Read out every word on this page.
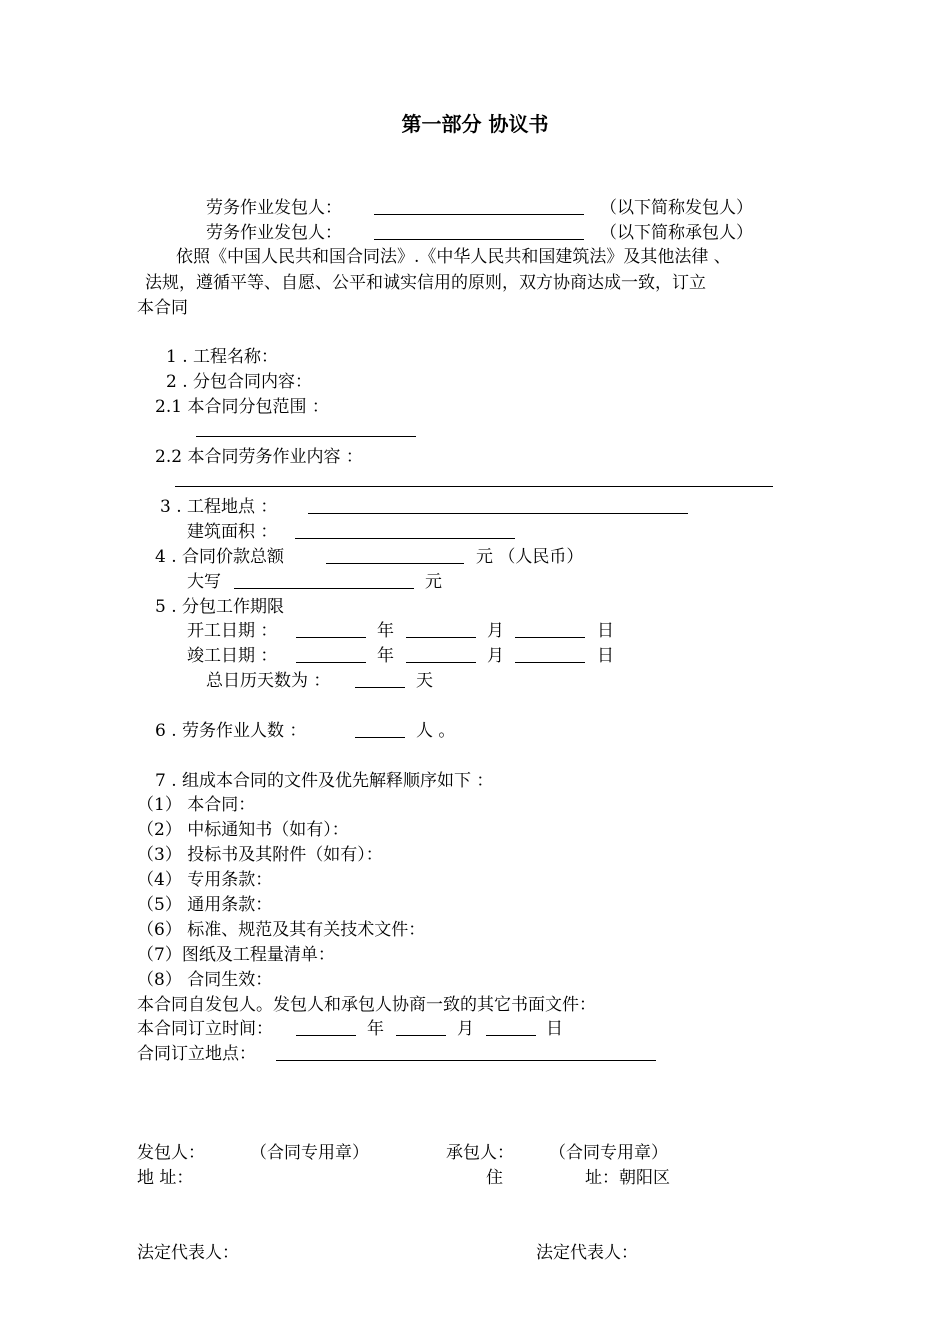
第一部分 协议书
劳务作业发包人：	（以下简称发包人）
劳务作业发包人：	（以下简称承包人）
依照《中国人民共和国合同法》.《中华人民共和国建筑法》及其他法律 、
法规，遵循平等、自愿、公平和诚实信用的原则，双方协商达成一致，订立
本合同
1 . 工程名称：
2 . 分包合同内容：
2.1 本合同分包范围 ：
2.2 本合同劳务作业内容 ：
3 . 工程地点 ：
建筑面积 ：
4 . 合同价款总额	元 （人民币）
大写	元
5 . 分包工作期限
开工日期 ：	年	月	日
竣工日期 ：	年	月	日
总日历天数为 ：	天
6 . 劳务作业人数 ：	人 。
7 . 组成本合同的文件及优先解释顺序如下 ：
（1） 本合同：
（2） 中标通知书（如有）：
（3） 投标书及其附件（如有）：
（4） 专用条款：
（5） 通用条款：
（6） 标准、规范及其有关技术文件：
（7）图纸及工程量清单：
（8） 合同生效：
本合同自发包人。发包人和承包人协商一致的其它书面文件：
本合同订立时间：	年	月	日
合同订立地点：
发包人：	（合同专用章）	承包人： （合同专用章）
地 址：	住	址：朝阳区
法定代表人：	法定代表人：
